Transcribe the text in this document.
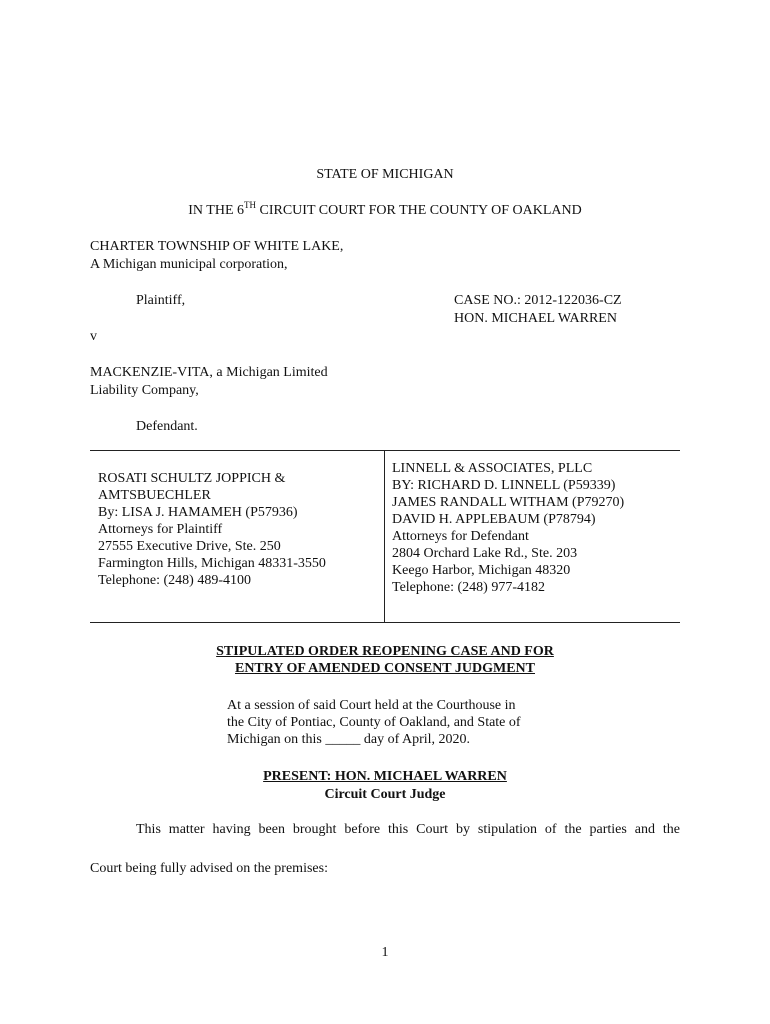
STATE OF MICHIGAN
IN THE 6TH CIRCUIT COURT FOR THE COUNTY OF OAKLAND
CHARTER TOWNSHIP OF WHITE LAKE,
A Michigan municipal corporation,
Plaintiff,	CASE NO.: 2012-122036-CZ
HON. MICHAEL WARREN
v
MACKENZIE-VITA, a Michigan Limited
Liability Company,
Defendant.
ROSATI SCHULTZ JOPPICH &
AMTSBUECHLER
By: LISA J. HAMAMEH (P57936)
Attorneys for Plaintiff
27555 Executive Drive, Ste. 250
Farmington Hills, Michigan 48331-3550
Telephone: (248) 489-4100
LINNELL & ASSOCIATES, PLLC
BY: RICHARD D. LINNELL (P59339)
JAMES RANDALL WITHAM (P79270)
DAVID H. APPLEBAUM (P78794)
Attorneys for Defendant
2804 Orchard Lake Rd., Ste. 203
Keego Harbor, Michigan 48320
Telephone: (248) 977-4182
STIPULATED ORDER REOPENING CASE AND FOR
ENTRY OF AMENDED CONSENT JUDGMENT
At a session of said Court held at the Courthouse in
the City of Pontiac, County of Oakland, and State of
Michigan on this _____ day of April, 2020.
PRESENT: HON. MICHAEL WARREN
Circuit Court Judge
This matter having been brought before this Court by stipulation of the parties and the
Court being fully advised on the premises:
1
